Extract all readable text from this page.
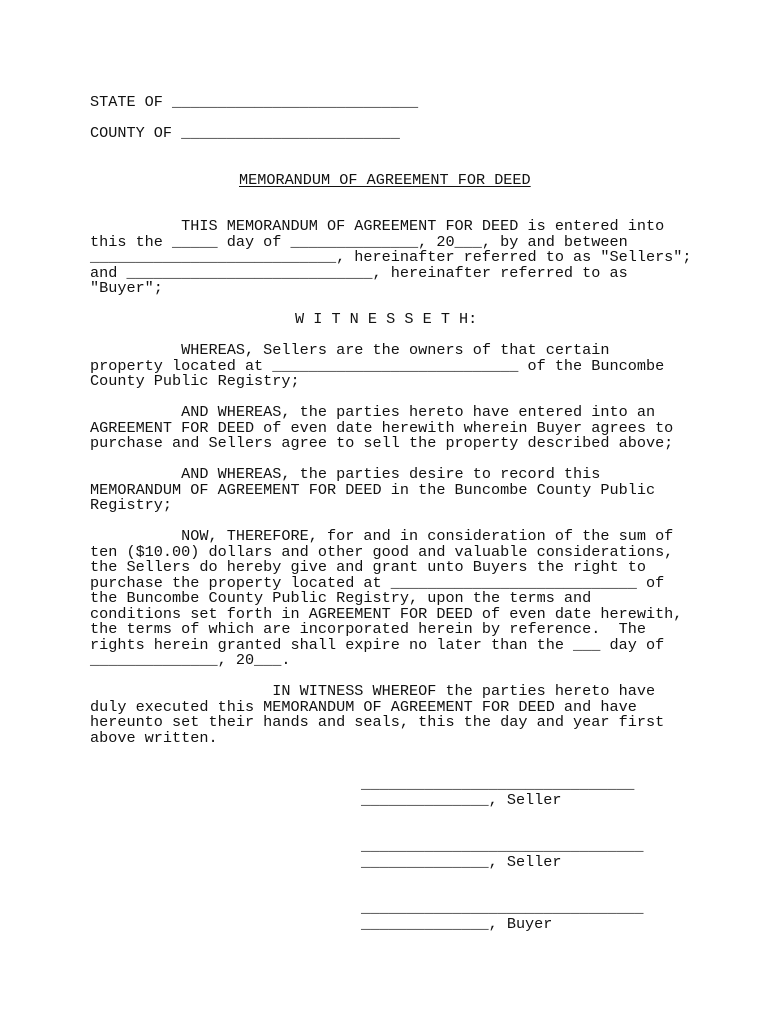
STATE OF ___________________________
COUNTY OF ________________________
MEMORANDUM OF AGREEMENT FOR DEED
THIS MEMORANDUM OF AGREEMENT FOR DEED is entered into
this the _____ day of ______________, 20___, by and between
___________________________, hereinafter referred to as "Sellers";
and ___________________________, hereinafter referred to as
"Buyer";
W I T N E S S E T H:
WHEREAS, Sellers are the owners of that certain
property located at ___________________________ of the Buncombe
County Public Registry;
AND WHEREAS, the parties hereto have entered into an
AGREEMENT FOR DEED of even date herewith wherein Buyer agrees to
purchase and Sellers agree to sell the property described above;
AND WHEREAS, the parties desire to record this
MEMORANDUM OF AGREEMENT FOR DEED in the Buncombe County Public
Registry;
NOW, THEREFORE, for and in consideration of the sum of
ten ($10.00) dollars and other good and valuable considerations,
the Sellers do hereby give and grant unto Buyers the right to
purchase the property located at ___________________________ of
the Buncombe County Public Registry, upon the terms and
conditions set forth in AGREEMENT FOR DEED of even date herewith,
the terms of which are incorporated herein by reference.  The
rights herein granted shall expire no later than the ___ day of
______________, 20___.
IN WITNESS WHEREOF the parties hereto have
duly executed this MEMORANDUM OF AGREEMENT FOR DEED and have
hereunto set their hands and seals, this the day and year first
above written.
______________________________
______________, Seller
_______________________________
______________, Seller
_______________________________
______________, Buyer
